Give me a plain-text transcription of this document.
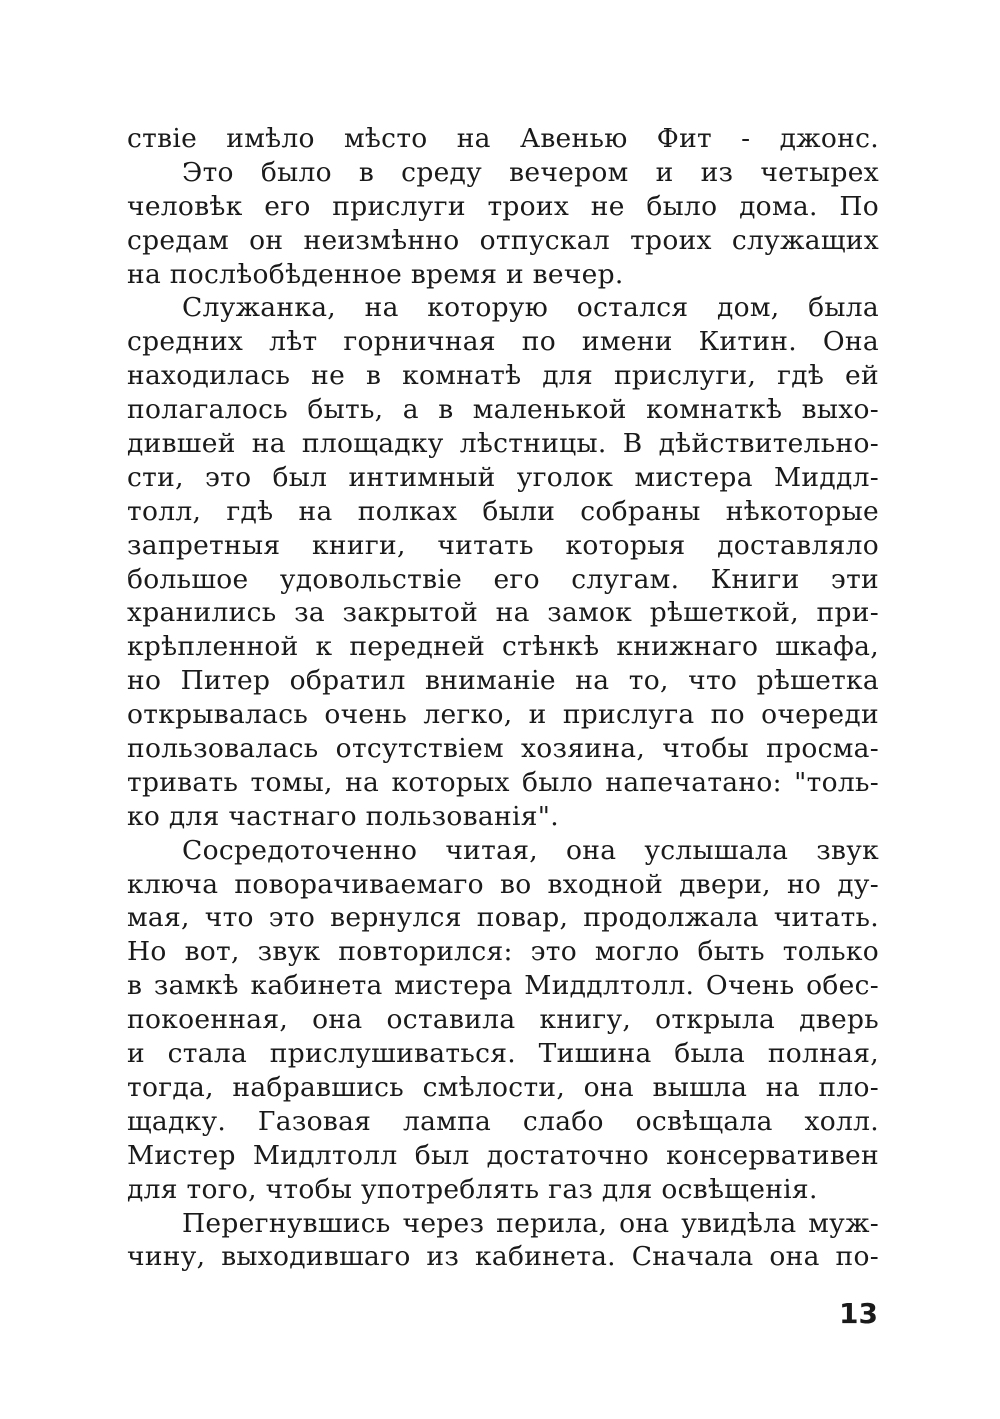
ствіе имѣло мѣсто на Авенью Фит - джонс.
Это было в среду вечером и из четырех
человѣк его прислуги троих не было дома. По
средам он неизмѣнно отпускал троих служащих
на послѣобѣденное время и вечер.
Служанка, на которую остался дом, была
средних лѣт горничная по имени Китин. Она
находилась не в комнатѣ для прислуги, гдѣ ей
полагалось быть, а в маленькой комнаткѣ выхо-
дившей на площадку лѣстницы. В дѣйствительно-
сти, это был интимный уголок мистера Миддл-
толл, гдѣ на полках были собраны нѣкоторые
запретныя книги, читать которыя доставляло
большое удовольствіе его слугам. Книги эти
хранились за закрытой на замок рѣшеткой, при-
крѣпленной к передней стѣнкѣ книжнаго шкафа,
но Питер обратил вниманіе на то, что рѣшетка
открывалась очень легко, и прислуга по очереди
пользовалась отсутствіем хозяина, чтобы просма-
тривать томы, на которых было напечатано: "толь-
ко для частнаго пользованія".
Сосредоточенно читая, она услышала звук
ключа поворачиваемаго во входной двери, но ду-
мая, что это вернулся повар, продолжала читать.
Но вот, звук повторился: это могло быть только
в замкѣ кабинета мистера Миддлтолл. Очень обес-
покоенная, она оставила книгу, открыла дверь
и стала прислушиваться. Тишина была полная,
тогда, набравшись смѣлости, она вышла на пло-
щадку. Газовая лампа слабо освѣщала холл.
Мистер Мидлтолл был достаточно консервативен
для того, чтобы употреблять газ для освѣщенія.
Перегнувшись через перила, она увидѣла муж-
чину, выходившаго из кабинета. Сначала она по-
13
